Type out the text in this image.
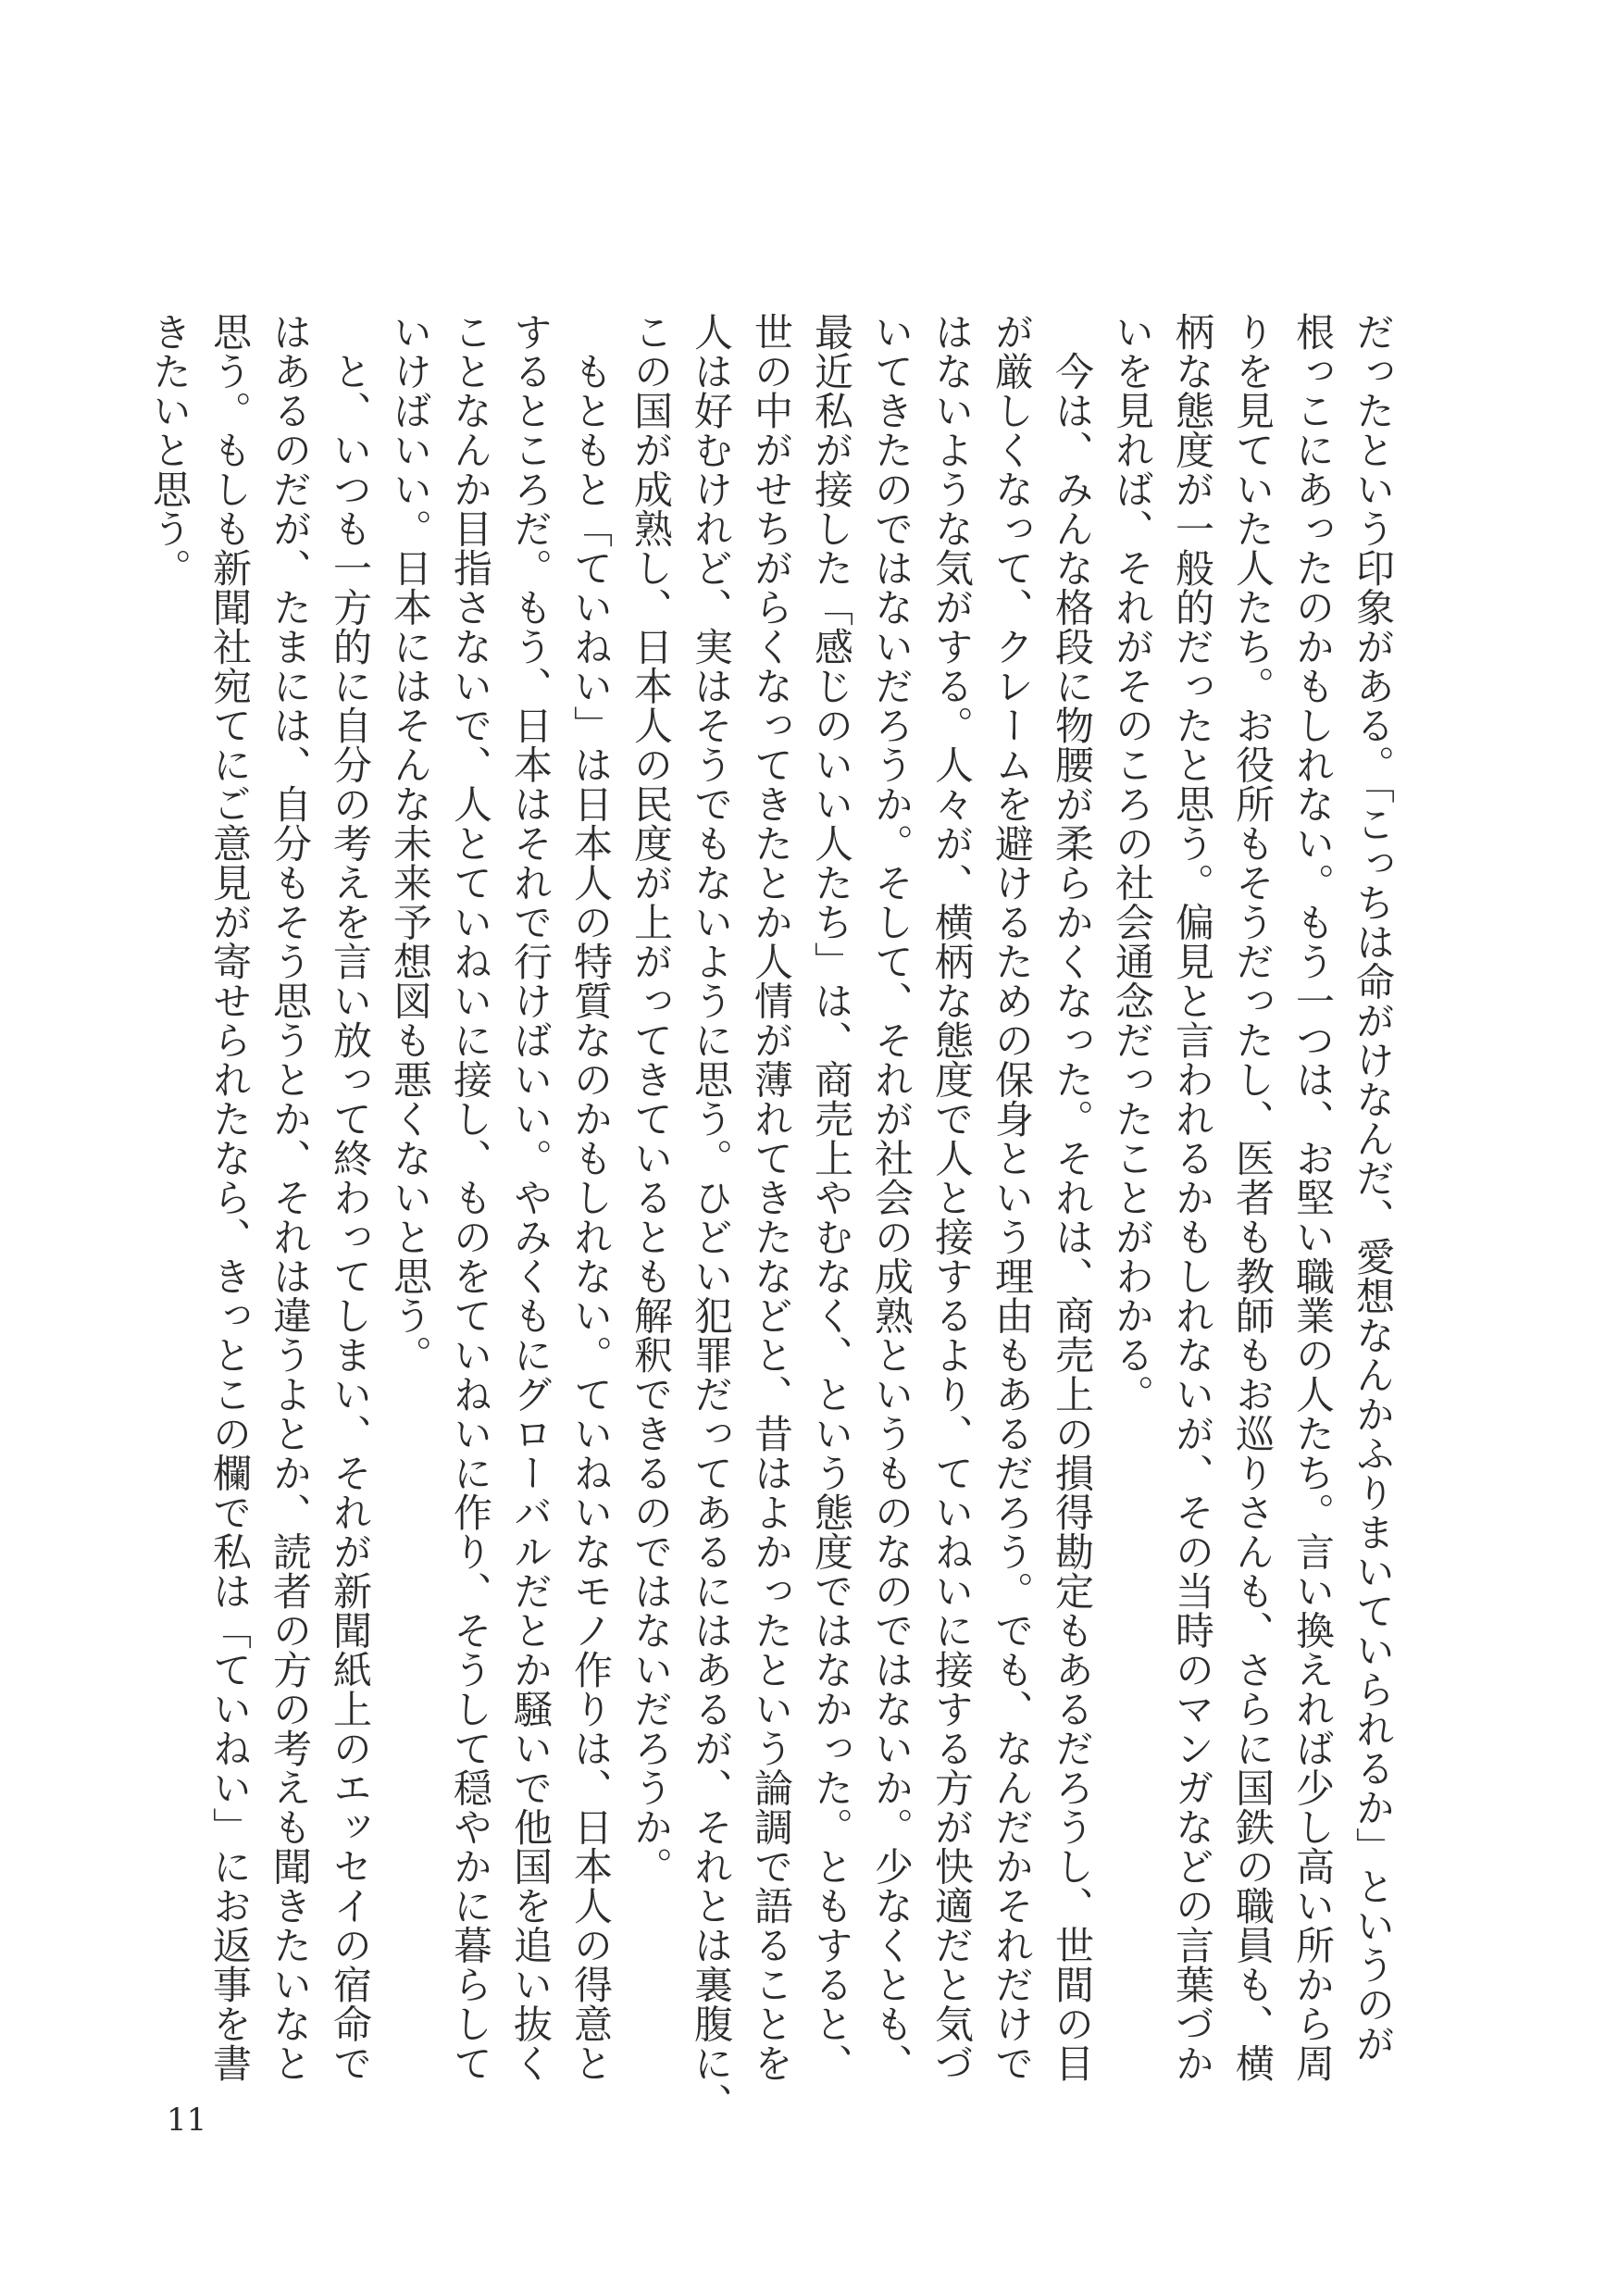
だったという印象がある。「こっちは命がけなんだ、愛想なんかふりまいていられるか」というのが
根っこにあったのかもしれない。もう一つは、お堅い職業の人たち。言い換えれば少し高い所から周
りを見ていた人たち。お役所もそうだったし、医者も教師もお巡りさんも、さらに国鉄の職員も、横
柄な態度が一般的だったと思う。偏見と言われるかもしれないが、その当時のマンガなどの言葉づか
いを見れば、それがそのころの社会通念だったことがわかる。
　今は、みんな格段に物腰が柔らかくなった。それは、商売上の損得勘定もあるだろうし、世間の目
が厳しくなって、クレームを避けるための保身という理由もあるだろう。でも、なんだかそれだけで
はないような気がする。人々が、横柄な態度で人と接するより、ていねいに接する方が快適だと気づ
いてきたのではないだろうか。そして、それが社会の成熟というものなのではないか。少なくとも、
最近私が接した「感じのいい人たち」は、商売上やむなく、という態度ではなかった。ともすると、
世の中がせちがらくなってきたとか人情が薄れてきたなどと、昔はよかったという論調で語ることを
人は好むけれど、実はそうでもないように思う。ひどい犯罪だってあるにはあるが、それとは裏腹に、
この国が成熟し、日本人の民度が上がってきているとも解釈できるのではないだろうか。
　もともと「ていねい」は日本人の特質なのかもしれない。ていねいなモノ作りは、日本人の得意と
するところだ。もう、日本はそれで行けばいい。やみくもにグローバルだとか騒いで他国を追い抜く
ことなんか目指さないで、人とていねいに接し、ものをていねいに作り、そうして穏やかに暮らして
いけばいい。日本にはそんな未来予想図も悪くないと思う。
　と、いつも一方的に自分の考えを言い放って終わってしまい、それが新聞紙上のエッセイの宿命で
はあるのだが、たまには、自分もそう思うとか、それは違うよとか、読者の方の考えも聞きたいなと
思う。もしも新聞社宛てにご意見が寄せられたなら、きっとこの欄で私は「ていねい」にお返事を書
きたいと思う。
11
